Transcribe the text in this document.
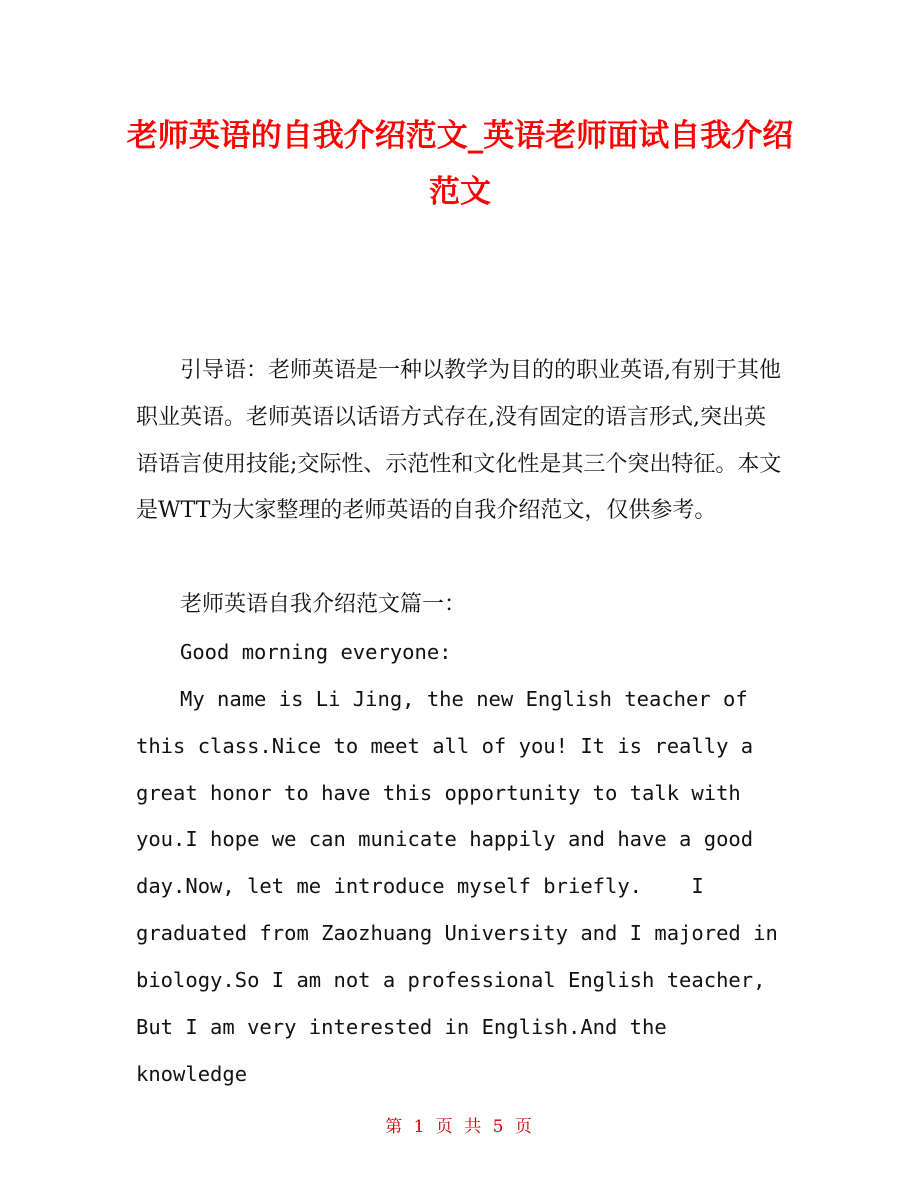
老师英语的自我介绍范文_英语老师面试自我介绍范文

引导语：老师英语是一种以教学为目的的职业英语,有别于其他职业英语。老师英语以话语方式存在,没有固定的语言形式,突出英语语言使用技能;交际性、示范性和文化性是其三个突出特征。本文是WTT为大家整理的老师英语的自我介绍范文，仅供参考。

老师英语自我介绍范文篇一：

Good morning everyone:

My name is Li Jing, the new English teacher of

this class.Nice to meet all of you! It is really a

great honor to have this opportunity to talk with

you.I hope we can municate happily and have a good

day.Now, let me introduce myself briefly.    I

graduated from Zaozhuang University and I majored in

biology.So I am not a professional English teacher,

But I am very interested in English.And the knowledge

第 1 页 共 5 页
